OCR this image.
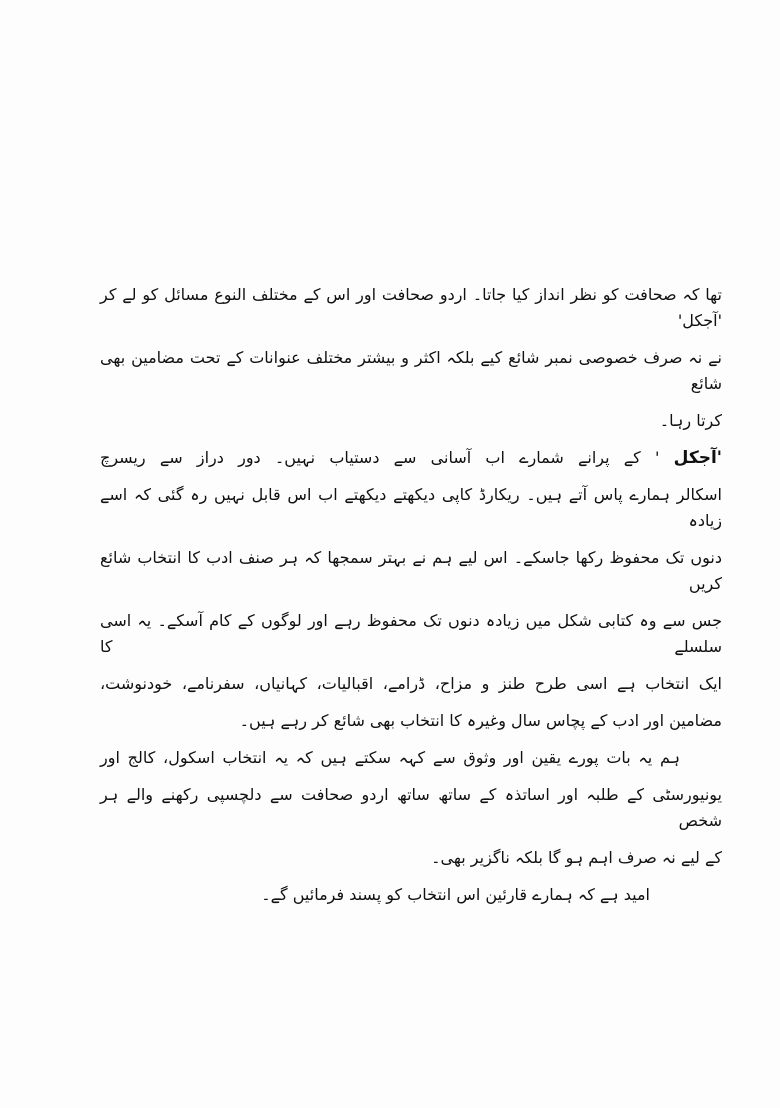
تھا کہ صحافت کو نظر انداز کیا جاتا۔ اردو صحافت اور اس کے مختلف النوع مسائل کو لے کر 'آجکل'
نے نہ صرف خصوصی نمبر شائع کیے بلکہ اکثر و بیشتر مختلف عنوانات کے تحت مضامین بھی شائع
کرتا رہا۔
'آجکل ' کے پرانے شمارے اب آسانی سے دستیاب نہیں۔ دور دراز سے ریسرچ
اسکالر ہمارے پاس آتے ہیں۔ ریکارڈ کاپی دیکھتے دیکھتے اب اس قابل نہیں رہ گئی کہ اسے زیادہ
دنوں تک محفوظ رکھا جاسکے۔ اس لیے ہم نے بہتر سمجھا کہ ہر صنف ادب کا انتخاب شائع کریں
جس سے وہ کتابی شکل میں زیادہ دنوں تک محفوظ رہے اور لوگوں کے کام آسکے۔ یہ اسی سلسلے کا
ایک انتخاب ہے اسی طرح طنز و مزاح، ڈرامے، اقبالیات، کہانیاں، سفرنامے، خودنوشت،
مضامین اور ادب کے پچاس سال وغیرہ کا انتخاب بھی شائع کر رہے ہیں۔
ہم یہ بات پورے یقین اور وثوق سے کہہ سکتے ہیں کہ یہ انتخاب اسکول، کالج اور
یونیورسٹی کے طلبہ اور اساتذہ کے ساتھ ساتھ اردو صحافت سے دلچسپی رکھنے والے ہر شخص
کے لیے نہ صرف اہم ہو گا بلکہ ناگزیر بھی۔
امید ہے کہ ہمارے قارئین اس انتخاب کو پسند فرمائیں گے۔
